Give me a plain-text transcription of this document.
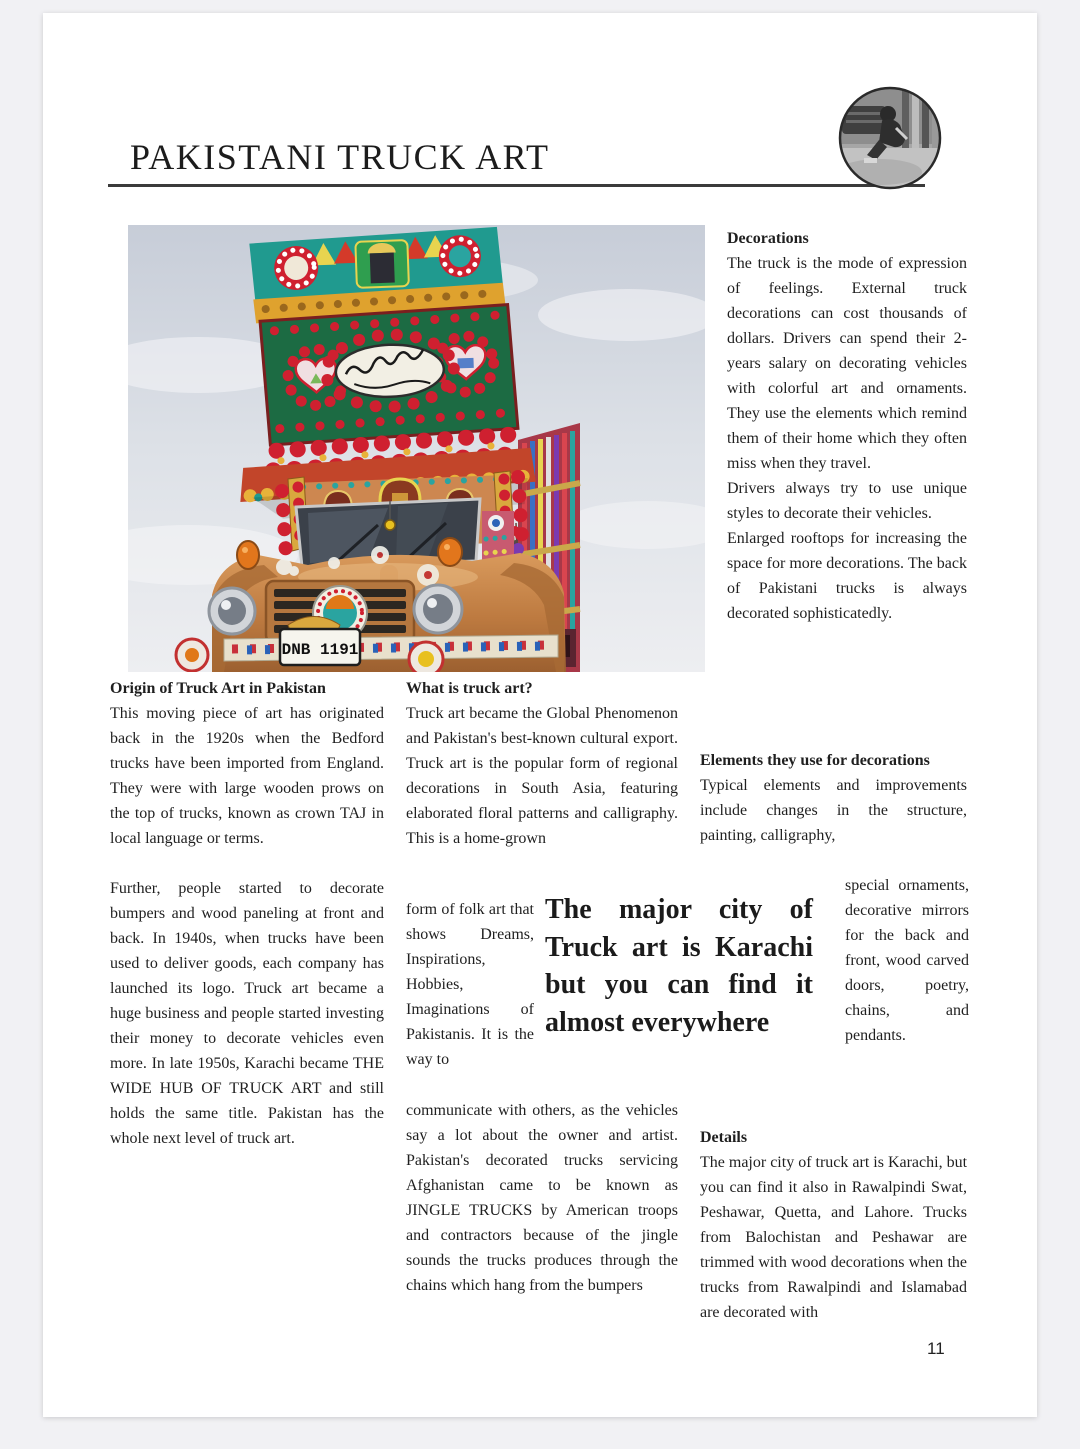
PAKISTANI TRUCK ART
DNB 1191
Origin of Truck Art in Pakistan

This moving piece of art has originated back in the 1920s when the Bedford trucks have been imported from England. They were with large wooden prows on the top of trucks, known as crown TAJ in local language or terms.

Further, people started to decorate bumpers and wood paneling at front and back. In 1940s, when trucks have been used to deliver goods, each company has launched its logo. Truck art became a huge business and people started investing their money to decorate vehicles even more. In late 1950s, Karachi became THE WIDE HUB OF TRUCK ART and still holds the same title. Pakistan has the whole next level of truck art.

What is truck art?

Truck art became the Global Phenomenon and Pakistan's best-known cultural export. Truck art is the popular form of regional decorations in South Asia, featuring elaborated floral patterns and calligraphy. This is a home-grown

form of folk art that shows Dreams, Inspirations, Hobbies, Imaginations of Pakistanis. It is the way to
communicate with others, as the vehicles say a lot about the owner and artist. Pakistan's decorated trucks servicing Afghanistan came to be known as JINGLE TRUCKS by American troops and contractors because of the jingle sounds the trucks produces through the chains which hang from the bumpers
The major city of Truck art is Karachi but you can find it almost everywhere
Decorations

The truck is the mode of expression of feelings. External truck decorations can cost thousands of dollars. Drivers can spend their 2-years salary on decorating vehicles with colorful art and ornaments. They use the elements which remind them of their home which they often miss when they travel.

Drivers always try to use unique styles to decorate their vehicles.

Enlarged rooftops for increasing the space for more decorations. The back of Pakistani trucks is always decorated sophisticatedly.

Elements they use for decorations

Typical elements and improvements include changes in the structure, painting, calligraphy,

special ornaments, decorative mirrors for the back and front, wood carved doors, poetry, chains, and pendants.
Details

The major city of truck art is Karachi, but you can find it also in Rawalpindi Swat, Peshawar, Quetta, and Lahore. Trucks from Balochistan and Peshawar are trimmed with wood decorations when the trucks from Rawalpindi and Islamabad are decorated with

11
